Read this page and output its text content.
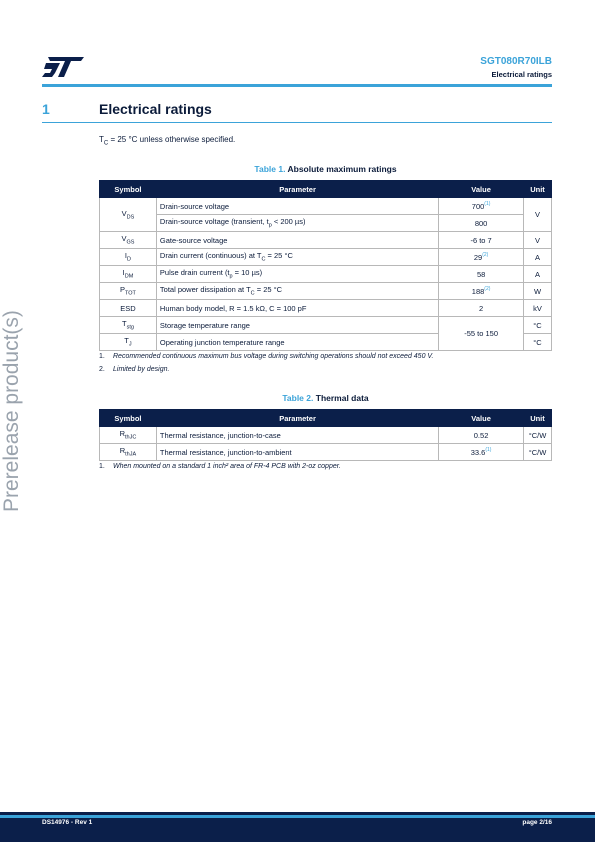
SGT080R70ILB
Electrical ratings
1	Electrical ratings
$T_C = 25$ °C unless otherwise specified.
Table 1. Absolute maximum ratings
Symbol	Parameter	Value	Unit
$V_{DS}$	Drain-source voltage	700$^{(1)}$	V
	Drain-source voltage (transient, $t_p < 200$ µs)	800	
$V_{GS}$	Gate-source voltage	-6 to 7	V
$I_D$	Drain current (continuous) at $T_C = 25$ °C	29$^{(2)}$	A
$I_{DM}$	Pulse drain current ($t_p = 10$ µs)	58	A
$P_{TOT}$	Total power dissipation at $T_C = 25$ °C	188$^{(2)}$	W
ESD	Human body model, R = 1.5 kΩ, C = 100 pF	2	kV
$T_{stg}$	Storage temperature range	-55 to 150	°C
$T_J$	Operating junction temperature range		°C
1. Recommended continuous maximum bus voltage during switching operations should not exceed 450 V.
2. Limited by design.
Table 2. Thermal data
Symbol	Parameter	Value	Unit
$R_{thJC}$	Thermal resistance, junction-to-case	0.52	°C/W
$R_{thJA}$	Thermal resistance, junction-to-ambient	33.6$^{(1)}$	°C/W
1. When mounted on a standard 1 inch² area of FR-4 PCB with 2-oz copper.
Prerelease product(s)
DS14976 - Rev 1	page 2/16
